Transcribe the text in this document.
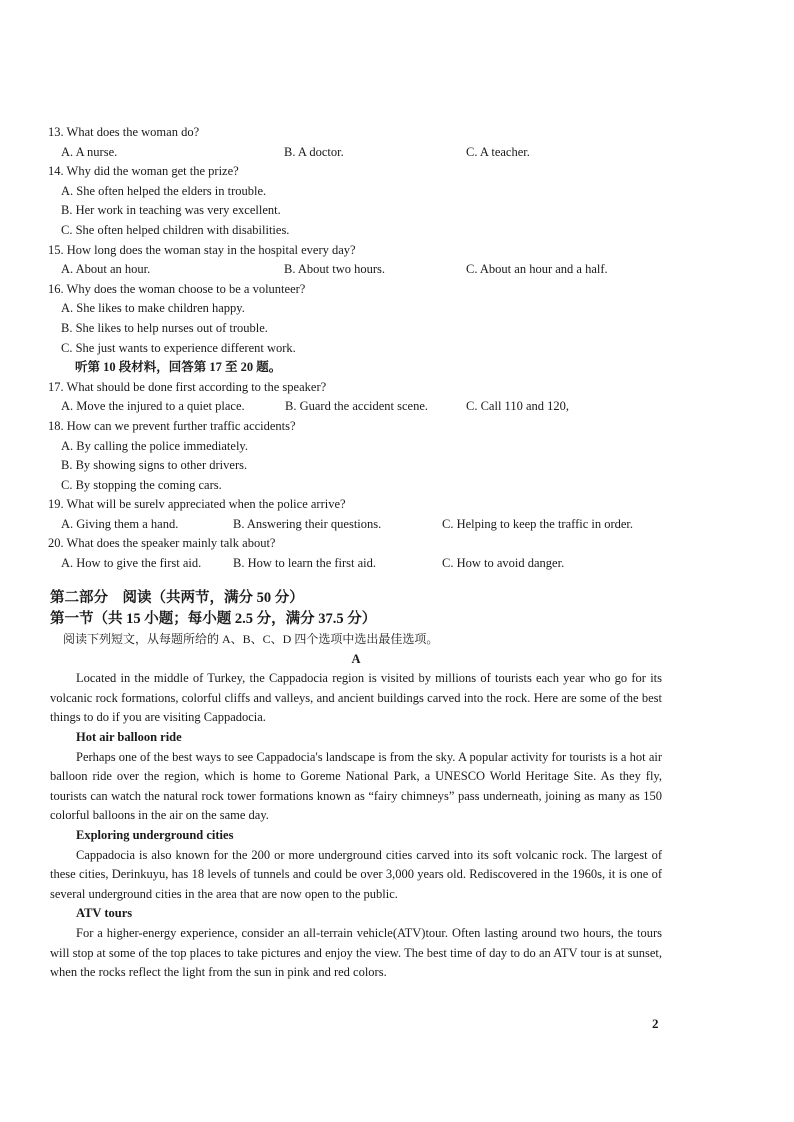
13. What does the woman do?

A. A nurse.	B. A doctor.	C. A teacher.

14. Why did the woman get the prize?

A. She often helped the elders in trouble.

B. Her work in teaching was very excellent.

C. She often helped children with disabilities.

15. How long does the woman stay in the hospital every day?

A. About an hour.	B. About two hours.	C. About an hour and a half.

16. Why does the woman choose to be a volunteer?

A. She likes to make children happy.

B. She likes to help nurses out of trouble.

C. She just wants to experience different work.

听第 10 段材料，回答第 17 至 20 题。

17. What should be done first according to the speaker?

A. Move the injured to a quiet place.	B. Guard the accident scene.	C. Call 110 and 120,

18. How can we prevent further traffic accidents?

A. By calling the police immediately.

B. By showing signs to other drivers.

C. By stopping the coming cars.

19. What will be surelv appreciated when the police arrive?

A. Giving them a hand.	B. Answering their questions.	C. Helping to keep the traffic in order.

20. What does the speaker mainly talk about?

A. How to give the first aid.	B. How to learn the first aid.	C. How to avoid danger.

第二部分　阅读（共两节，满分 50 分）

第一节（共 15 小题；每小题 2.5 分，满分 37.5 分）

阅读下列短文，从每题所给的 A、B、C、D 四个选项中选出最佳选项。

A

Located in the middle of Turkey, the Cappadocia region is visited by millions of tourists each year who go for its volcanic rock formations, colorful cliffs and valleys, and ancient buildings carved into the rock. Here are some of the best things to do if you are visiting Cappadocia.

Hot air balloon ride

Perhaps one of the best ways to see Cappadocia's landscape is from the sky. A popular activity for tourists is a hot air balloon ride over the region, which is home to Goreme National Park, a UNESCO World Heritage Site. As they fly, tourists can watch the natural rock tower formations known as “fairy chimneys” pass underneath, joining as many as 150 colorful balloons in the air on the same day.

Exploring underground cities

Cappadocia is also known for the 200 or more underground cities carved into its soft volcanic rock. The largest of these cities, Derinkuyu, has 18 levels of tunnels and could be over 3,000 years old. Rediscovered in the 1960s, it is one of several underground cities in the area that are now open to the public.

ATV tours

For a higher-energy experience, consider an all-terrain vehicle(ATV)tour. Often lasting around two hours, the tours will stop at some of the top places to take pictures and enjoy the view. The best time of day to do an ATV tour is at sunset, when the rocks reflect the light from the sun in pink and red colors.

2
